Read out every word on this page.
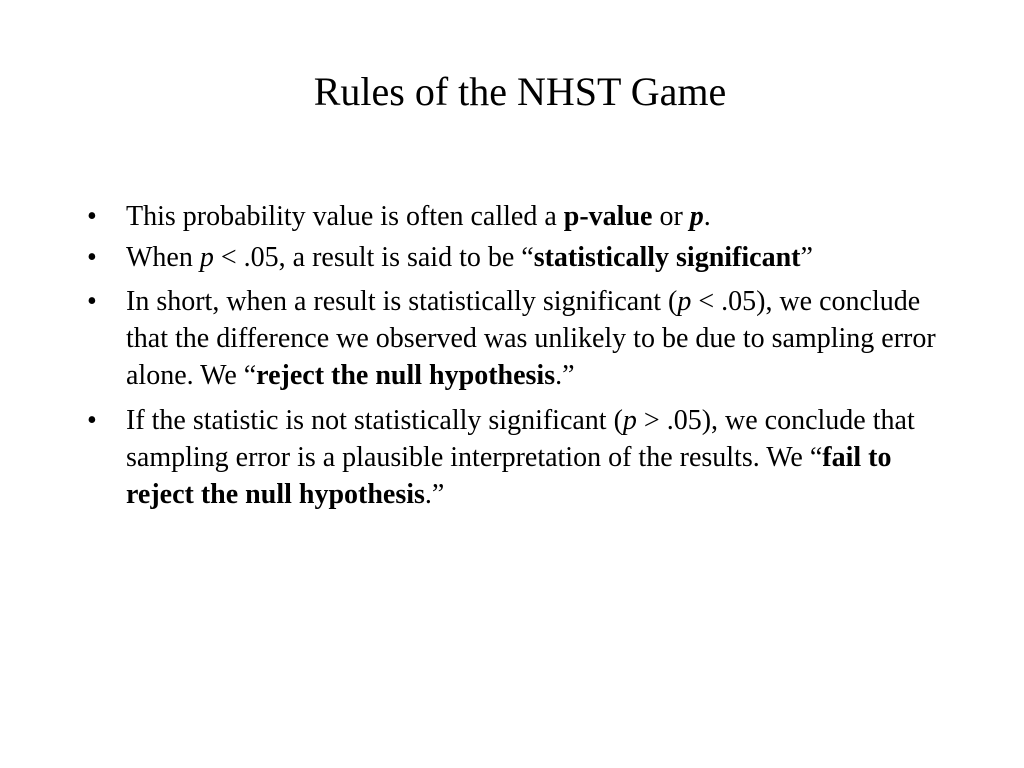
Rules of the NHST Game
•	This probability value is often called a p-value or p.
•	When p < .05, a result is said to be “statistically significant”
•	In short, when a result is statistically significant (p < .05), we conclude that the difference we observed was unlikely to be due to sampling error alone. We “reject the null hypothesis.”
•	If the statistic is not statistically significant (p > .05), we conclude that sampling error is a plausible interpretation of the results. We “fail to reject the null hypothesis.”
